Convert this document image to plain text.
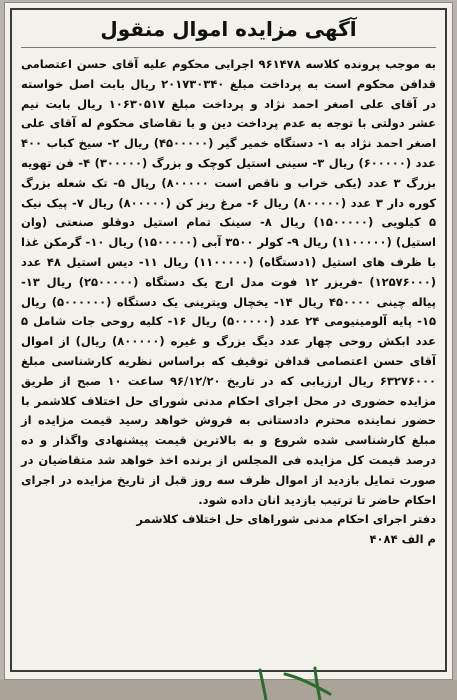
آگهی مزایده اموال منقول

به موجب پرونده کلاسه ۹۶۱۴۷۸ اجرایی محکوم علیه آقای حسن اعتصامی قدافن محکوم است به پرداخت مبلغ ۲۰۱۷۳۰۳۴۰ ریال بابت اصل خواسته در آقای علی اصغر احمد نژاد و پرداخت مبلغ ۱۰۶۳۰۵۱۷ ریال بابت نیم عشر دولتی با توجه به عدم پرداخت دین و با تقاضای محکوم له آقای علی اصغر احمد نژاد به ۱- دستگاه خمیر گیر (۴۵۰۰۰۰۰) ریال ۲- سیخ کباب ۴۰۰ عدد (۶۰۰۰۰۰) ریال ۳- سینی استیل کوچک و بزرگ (۳۰۰۰۰۰) ۴- فن تهویه بزرگ ۳ عدد (یکی خراب و ناقص است ۸۰۰۰۰۰) ریال ۵- تک شعله بزرگ کوره دار ۳ عدد (۸۰۰۰۰۰) ریال ۶- مرغ ریز کن (۸۰۰۰۰۰) ریال ۷- پیک نیک ۵ کیلویی (۱۵۰۰۰۰۰) ریال ۸- سینک تمام استیل دوقلو صنعتی (وان استیل) (۱۱۰۰۰۰۰) ریال ۹- کولر ۳۵۰۰ آبی (۱۵۰۰۰۰۰) ریال ۱۰- گرمکن غذا با ظرف های استیل (۱دستگاه) (۱۱۰۰۰۰۰) ریال ۱۱- دیس استیل ۴۸ عدد (۱۲۵۷۶۰۰۰) -فریزر ۱۲ فوت مدل ارج یک دستگاه (۲۵۰۰۰۰۰) ریال ۱۳- پیاله چینی ۴۵۰۰۰۰ ریال ۱۴- یخچال ویترینی یک دستگاه (۵۰۰۰۰۰۰) ریال ۱۵- پایه آلومینیومی ۲۴ عدد (۵۰۰۰۰۰) ریال ۱۶- کلیه روحی جات شامل ۵ عدد ابکش روحی چهار عدد دیگ بزرگ و غیره (۸۰۰۰۰۰) ریال) از اموال آقای حسن اعتصامی قدافن توقیف که براساس نظریه کارشناسی مبلغ ۶۳۲۷۶۰۰۰ ریال ارزیابی که در تاریخ ۹۶/۱۲/۲۰ ساعت ۱۰ صبح از طریق مزایده حضوری در محل اجرای احکام مدنی شورای حل اختلاف کلاشمر با حضور نماینده محترم دادستانی به فروش خواهد رسید قیمت مزایده از مبلغ کارشناسی شده شروع و به بالاترین قیمت پیشنهادی واگذار و ده درصد قیمت کل مزایده فی المجلس از برنده اخذ خواهد شد متقاضیان در صورت تمایل بازدید از اموال ظرف سه روز قبل از تاریخ مزایده در اجرای احکام حاضر تا ترتیب بازدید انان داده شود.

دفتر اجرای احکام مدنی شوراهای حل اختلاف کلاشمر

م الف ۴۰۸۴
